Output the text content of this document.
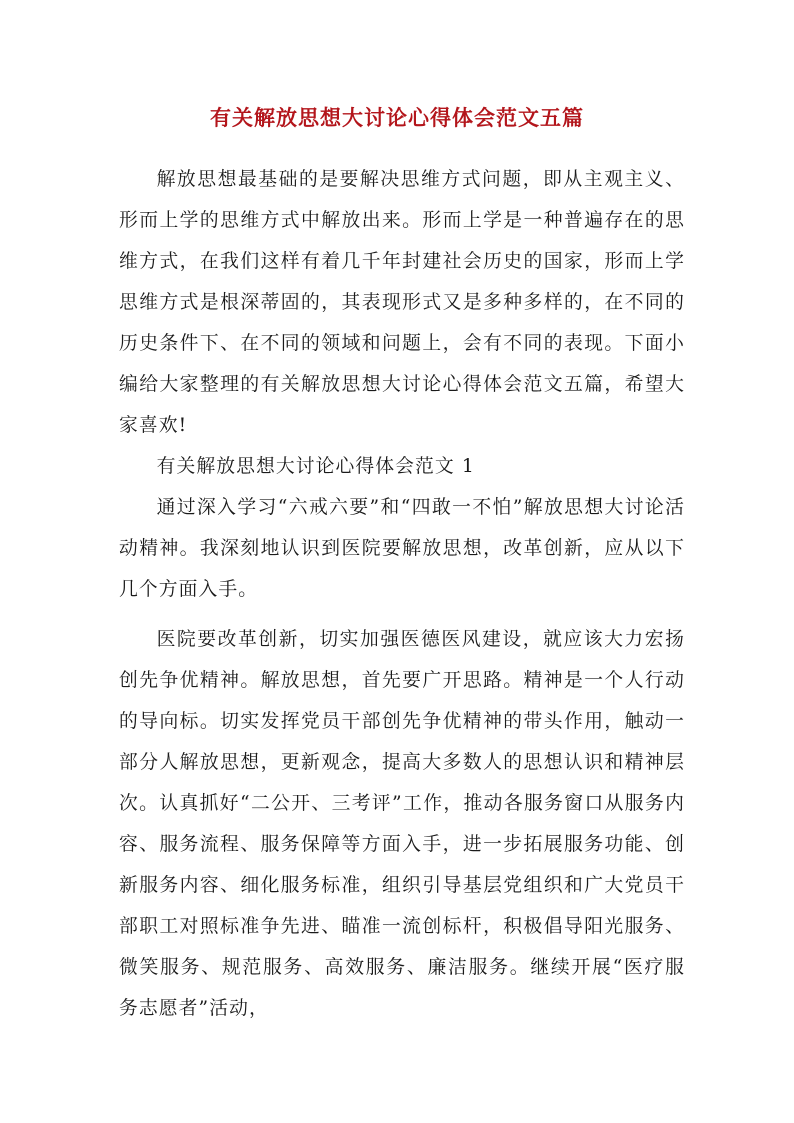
有关解放思想大讨论心得体会范文五篇

解放思想最基础的是要解决思维方式问题，即从主观主义、形而上学的思维方式中解放出来。形而上学是一种普遍存在的思维方式，在我们这样有着几千年封建社会历史的国家，形而上学思维方式是根深蒂固的，其表现形式又是多种多样的，在不同的历史条件下、在不同的领域和问题上，会有不同的表现。下面小编给大家整理的有关解放思想大讨论心得体会范文五篇，希望大家喜欢!

有关解放思想大讨论心得体会范文 1

通过深入学习“六戒六要”和“四敢一不怕”解放思想大讨论活动精神。我深刻地认识到医院要解放思想，改革创新，应从以下几个方面入手。

医院要改革创新，切实加强医德医风建设，就应该大力宏扬创先争优精神。解放思想，首先要广开思路。精神是一个人行动的导向标。切实发挥党员干部创先争优精神的带头作用，触动一部分人解放思想，更新观念，提高大多数人的思想认识和精神层次。认真抓好“二公开、三考评”工作，推动各服务窗口从服务内容、服务流程、服务保障等方面入手，进一步拓展服务功能、创新服务内容、细化服务标准，组织引导基层党组织和广大党员干部职工对照标准争先进、瞄准一流创标杆，积极倡导阳光服务、微笑服务、规范服务、高效服务、廉洁服务。继续开展“医疗服务志愿者”活动，
